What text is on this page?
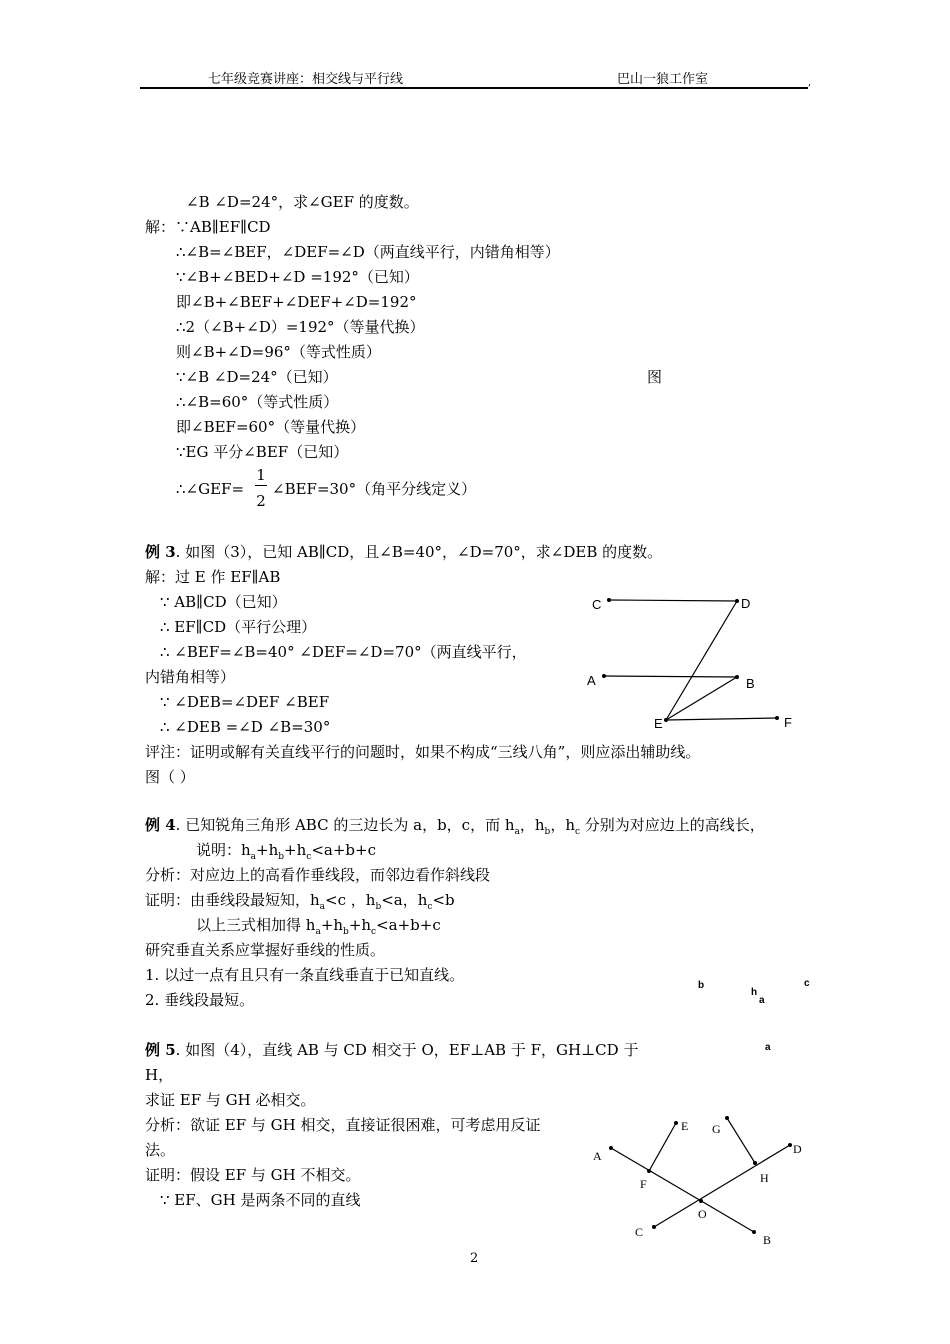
七年级竞赛讲座：相交线与平行线	巴山一狼工作室	,
∠B ∠D=24°，求∠GEF 的度数。
解：∵AB∥EF∥CD
∴∠B=∠BEF，∠DEF=∠D（两直线平行，内错角相等）
∵∠B+∠BED+∠D =192°（已知）
即∠B+∠BEF+∠DEF+∠D=192°
∴2（∠B+∠D）=192°（等量代换）
则∠B+∠D=96°（等式性质）
∵∠B ∠D=24°（已知）	图
∴∠B=60°（等式性质）
即∠BEF=60°（等量代换）
∵EG 平分∠BEF（已知）
∴∠GEF=
1
2
∠BEF=30°（角平分线定义）
例 3. 如图（3），已知 AB∥CD，且∠B=40°，∠D=70°，求∠DEB 的度数。
解：过 E 作 EF∥AB
∵ AB∥CD（已知）
∴ EF∥CD（平行公理）
∴ ∠BEF=∠B=40° ∠DEF=∠D=70°（两直线平行，
内错角相等）
∵ ∠DEB=∠DEF ∠BEF
∴ ∠DEB =∠D ∠B=30°
评注：证明或解有关直线平行的问题时，如果不构成“三线八角”，则应添出辅助线。
图（ ）
C	D
A	B
E	F
例 4. 已知锐角三角形 ABC 的三边长为 a，b，c，而 $h_a$，$h_b$，$h_c$ 分别为对应边上的高线长，
说明：$h_a+h_b+h_c<a+b+c$
分析：对应边上的高看作垂线段，而邻边看作斜线段
证明：由垂线段最短知，$h_a<c$ ，$h_b<a$，$h_c<b$
以上三式相加得 $h_a+h_b+h_c<a+b+c$
研究垂直关系应掌握好垂线的性质。
1. 以过一点有且只有一条直线垂直于已知直线。
2. 垂线段最短。
b
h
a
c
a
例 5. 如图（4），直线 AB 与 CD 相交于 O，EF⊥AB 于 F，GH⊥CD 于
H，
求证 EF 与 GH 必相交。
分析：欲证 EF 与 GH 相交，直接证很困难，可考虑用反证
法。
证明：假设 EF 与 GH 不相交。
∵ EF、GH 是两条不同的直线
E G
A	D
F	H
O
C
B
2
